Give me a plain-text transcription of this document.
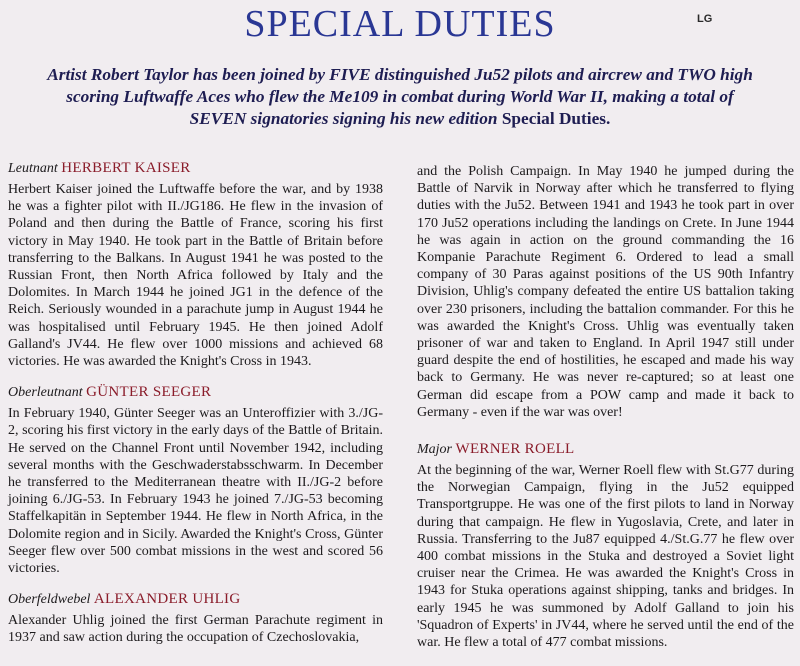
SPECIAL DUTIES	LG
Artist Robert Taylor has been joined by FIVE distinguished Ju52 pilots and aircrew and TWO high scoring Luftwaffe Aces who flew the Me109 in combat during World War II, making a total of SEVEN signatories signing his new edition Special Duties.
Leutnant HERBERT KAISER

Herbert Kaiser joined the Luftwaffe before the war, and by 1938 he was a fighter pilot with II./JG186. He flew in the invasion of Poland and then during the Battle of France, scoring his first victory in May 1940. He took part in the Battle of Britain before transferring to the Balkans. In August 1941 he was posted to the Russian Front, then North Africa followed by Italy and the Dolomites. In March 1944 he joined JG1 in the defence of the Reich. Seriously wounded in a parachute jump in August 1944 he was hospitalised until February 1945. He then joined Adolf Galland's JV44. He flew over 1000 missions and achieved 68 victories. He was awarded the Knight's Cross in 1943.

Oberleutnant GÜNTER SEEGER

In February 1940, Günter Seeger was an Unteroffizier with 3./JG-2, scoring his first victory in the early days of the Battle of Britain. He served on the Channel Front until November 1942, including several months with the Geschwaderstabsschwarm. In December he transferred to the Mediterranean theatre with II./JG-2 before joining 6./JG-53. In February 1943 he joined 7./JG-53 becoming Staffelkapitän in September 1944. He flew in North Africa, in the Dolomite region and in Sicily. Awarded the Knight's Cross, Günter Seeger flew over 500 combat missions in the west and scored 56 victories.

Oberfeldwebel ALEXANDER UHLIG

Alexander Uhlig joined the first German Parachute regiment in 1937 and saw action during the occupation of Czechoslovakia,

and the Polish Campaign. In May 1940 he jumped during the Battle of Narvik in Norway after which he transferred to flying duties with the Ju52. Between 1941 and 1943 he took part in over 170 Ju52 operations including the landings on Crete. In June 1944 he was again in action on the ground commanding the 16 Kompanie Parachute Regiment 6. Ordered to lead a small company of 30 Paras against positions of the US 90th Infantry Division, Uhlig's company defeated the entire US battalion taking over 230 prisoners, including the battalion commander. For this he was awarded the Knight's Cross. Uhlig was eventually taken prisoner of war and taken to England. In April 1947 still under guard despite the end of hostilities, he escaped and made his way back to Germany. He was never re-captured; so at least one German did escape from a POW camp and made it back to Germany - even if the war was over!

Major WERNER ROELL

At the beginning of the war, Werner Roell flew with St.G77 during the Norwegian Campaign, flying in the Ju52 equipped Transportgruppe. He was one of the first pilots to land in Norway during that campaign. He flew in Yugoslavia, Crete, and later in Russia. Transferring to the Ju87 equipped 4./St.G.77 he flew over 400 combat missions in the Stuka and destroyed a Soviet light cruiser near the Crimea. He was awarded the Knight's Cross in 1943 for Stuka operations against shipping, tanks and bridges. In early 1945 he was summoned by Adolf Galland to join his 'Squadron of Experts' in JV44, where he served until the end of the war. He flew a total of 477 combat missions.
